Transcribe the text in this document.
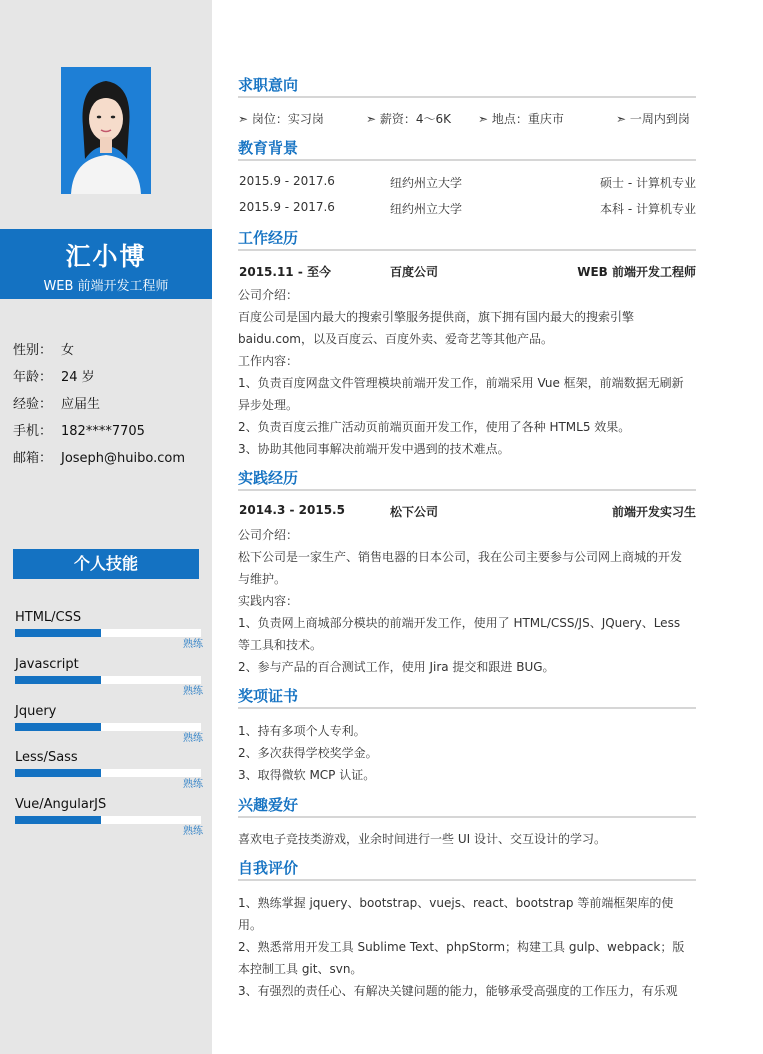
汇小博
WEB 前端开发工程师
性别： 女
年龄： 24 岁
经验： 应届生
手机： 182****7705
邮箱： Joseph@huibo.com
个人技能
HTML/CSS
熟练
Javascript
熟练
Jquery
熟练
Less/Sass
熟练
Vue/AngularJS
熟练
求职意向
➣ 岗位：实习岗	➣ 薪资：4～6K ➣ 地点：重庆市	➣ 一周内到岗
教育背景
2015.9 - 2017.6	纽约州立大学	硕士 - 计算机专业
2015.9 - 2017.6	纽约州立大学	本科 - 计算机专业
工作经历
2015.11 - 至今	百度公司	WEB 前端开发工程师
公司介绍：
百度公司是国内最大的搜索引擎服务提供商，旗下拥有国内最大的搜索引擎
baidu.com，以及百度云、百度外卖、爱奇艺等其他产品。
工作内容：
1、负责百度网盘文件管理模块前端开发工作，前端采用 Vue 框架，前端数据无刷新
异步处理。
2、负责百度云推广活动页前端页面开发工作，使用了各种 HTML5 效果。
3、协助其他同事解决前端开发中遇到的技术难点。
实践经历
2014.3 - 2015.5	松下公司	前端开发实习生
公司介绍：
松下公司是一家生产、销售电器的日本公司，我在公司主要参与公司网上商城的开发
与维护。
实践内容：
1、负责网上商城部分模块的前端开发工作，使用了 HTML/CSS/JS、JQuery、Less
等工具和技术。
2、参与产品的百合测试工作，使用 Jira 提交和跟进 BUG。
奖项证书
1、持有多项个人专利。
2、多次获得学校奖学金。
3、取得微软 MCP 认证。
兴趣爱好
喜欢电子竞技类游戏，业余时间进行一些 UI 设计、交互设计的学习。
自我评价
1、熟练掌握 jquery、bootstrap、vuejs、react、bootstrap 等前端框架库的使
用。
2、熟悉常用开发工具 Sublime Text、phpStorm；构建工具 gulp、webpack；版
本控制工具 git、svn。
3、有强烈的责任心、有解决关键问题的能力，能够承受高强度的工作压力，有乐观
